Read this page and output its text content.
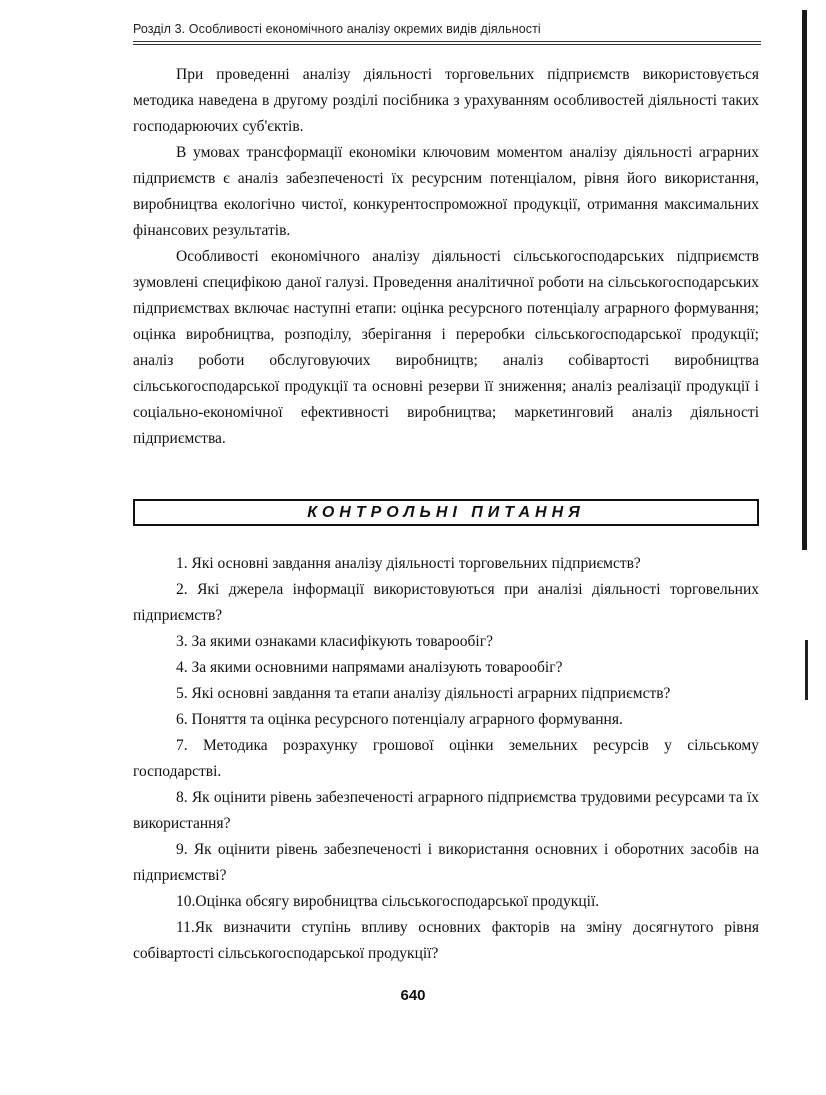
Розділ 3. Особливості економічного аналізу окремих видів діяльності

При проведенні аналізу діяльності торговельних підприємств використовується методика наведена в другому розділі посібника з урахуванням особливостей діяльності таких господарюючих суб'єктів.

В умовах трансформації економіки ключовим моментом аналізу діяльності аграрних підприємств є аналіз забезпеченості їх ресурсним потенціалом, рівня його використання, виробництва екологічно чистої, конкурентоспроможної продукції, отримання максимальних фінансових результатів.

Особливості економічного аналізу діяльності сільськогосподарських підприємств зумовлені специфікою даної галузі. Проведення аналітичної роботи на сільськогосподарських підприємствах включає наступні етапи: оцінка ресурсного потенціалу аграрного формування; оцінка виробництва, розподілу, зберігання і переробки сільськогосподарської продукції; аналіз роботи обслуговуючих виробництв; аналіз собівартості виробництва сільськогосподарської продукції та основні резерви її зниження; аналіз реалізації продукції і соціально-економічної ефективності виробництва; маркетинговий аналіз діяльності підприємства.

КОНТРОЛЬНІ ПИТАННЯ

1. Які основні завдання аналізу діяльності торговельних підприємств?

2. Які джерела інформації використовуються при аналізі діяльності торговельних підприємств?

3. За якими ознаками класифікують товарообіг?

4. За якими основними напрямами аналізують товарообіг?

5. Які основні завдання та етапи аналізу діяльності аграрних підприємств?

6. Поняття та оцінка ресурсного потенціалу аграрного формування.

7. Методика розрахунку грошової оцінки земельних ресурсів у сільському господарстві.

8. Як оцінити рівень забезпеченості аграрного підприємства трудовими ресурсами та їх використання?

9. Як оцінити рівень забезпеченості і використання основних і оборотних засобів на підприємстві?

10.Оцінка обсягу виробництва сільськогосподарської продукції.

11.Як визначити ступінь впливу основних факторів на зміну досягнутого рівня собівартості сільськогосподарської продукції?

640
